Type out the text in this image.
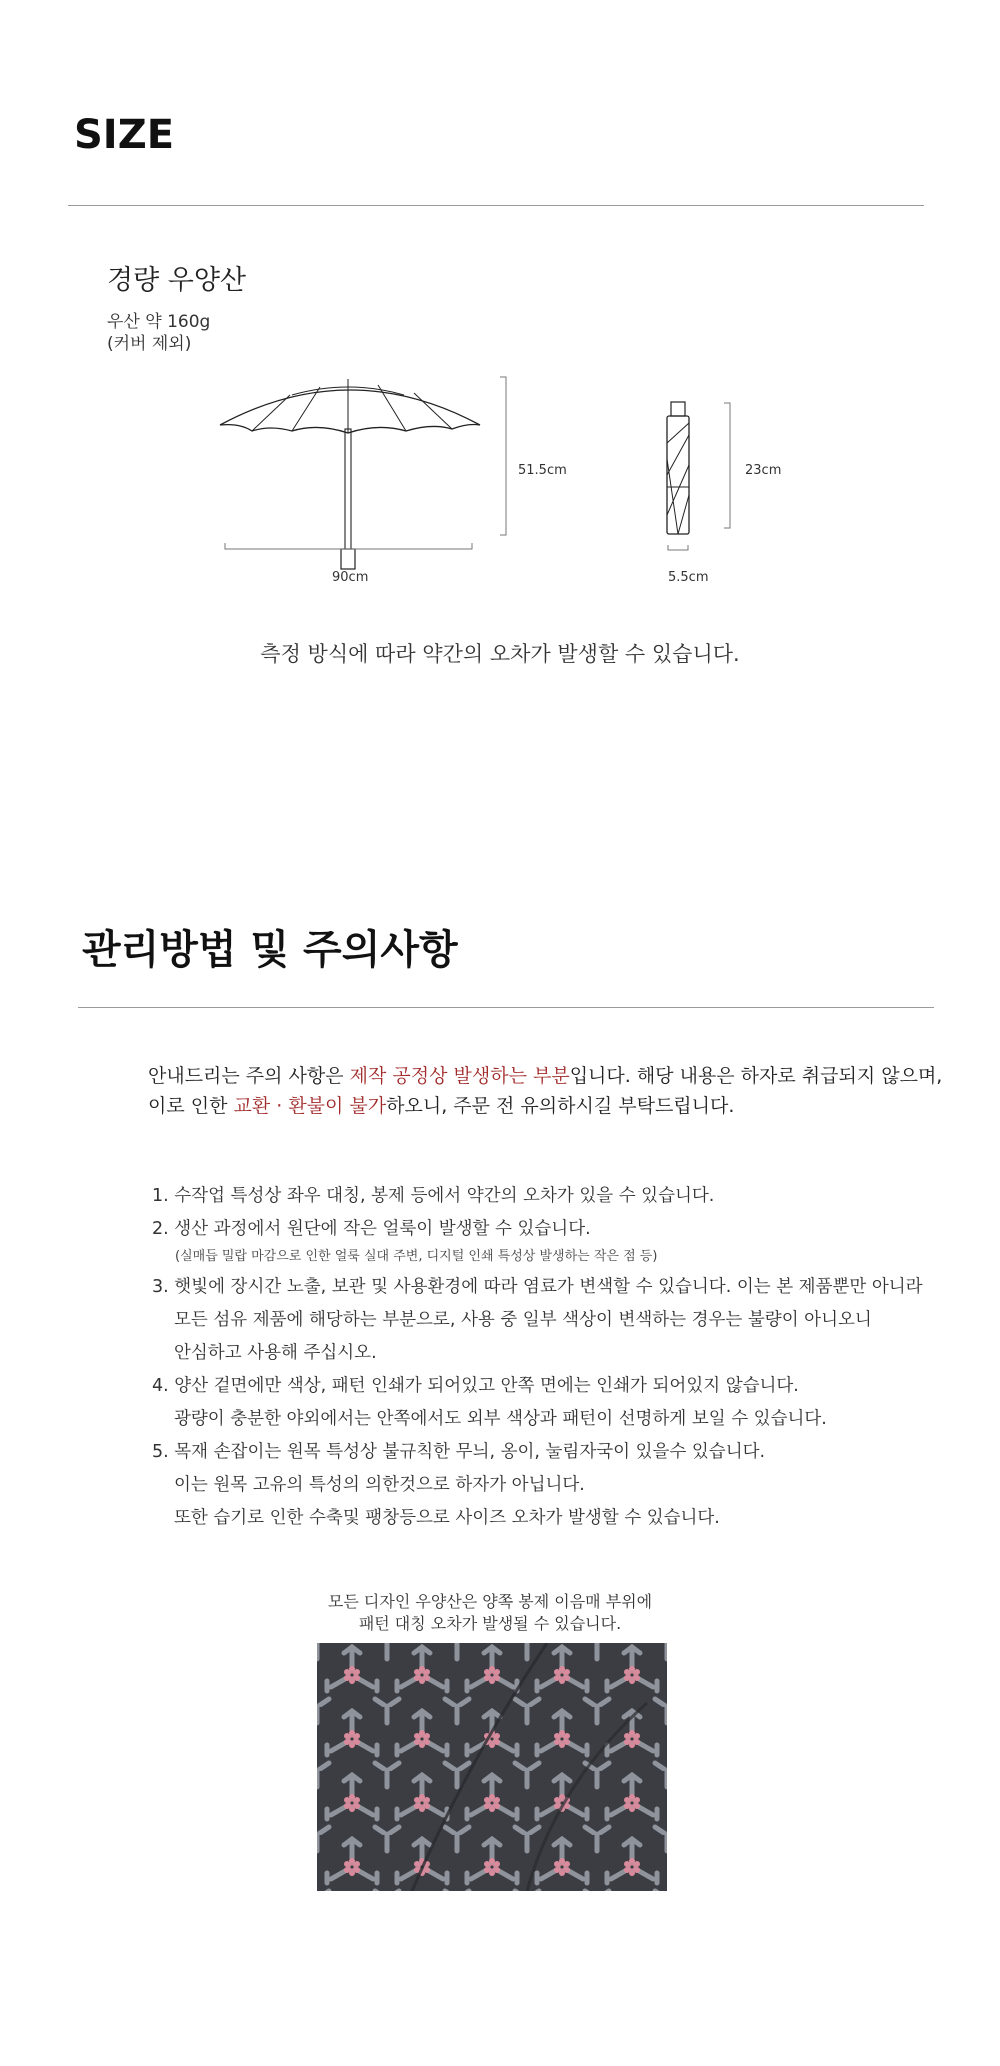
SIZE
경량 우양산
우산 약 160g
(커버 제외)
51.5cm
90cm
23cm
5.5cm
측정 방식에 따라 약간의 오차가 발생할 수 있습니다.
관리방법 및 주의사항
안내드리는 주의 사항은 제작 공정상 발생하는 부분입니다. 해당 내용은 하자로 취급되지 않으며,
이로 인한 교환 · 환불이 불가하오니, 주문 전 유의하시길 부탁드립니다.
1. 수작업 특성상 좌우 대칭, 봉제 등에서 약간의 오차가 있을 수 있습니다.
2. 생산 과정에서 원단에 작은 얼룩이 발생할 수 있습니다.
(실매듭 밀랍 마감으로 인한 얼룩 실대 주변, 디지털 인쇄 특성상 발생하는 작은 점 등)
3. 햇빛에 장시간 노출, 보관 및 사용환경에 따라 염료가 변색할 수 있습니다. 이는 본 제품뿐만 아니라
모든 섬유 제품에 해당하는 부분으로, 사용 중 일부 색상이 변색하는 경우는 불량이 아니오니
안심하고 사용해 주십시오.
4. 양산 겉면에만 색상, 패턴 인쇄가 되어있고 안쪽 면에는 인쇄가 되어있지 않습니다.
광량이 충분한 야외에서는 안쪽에서도 외부 색상과 패턴이 선명하게 보일 수 있습니다.
5. 목재 손잡이는 원목 특성상 불규칙한 무늬, 옹이, 눌림자국이 있을수 있습니다.
이는 원목 고유의 특성의 의한것으로 하자가 아닙니다.
또한 습기로 인한 수축및 팽창등으로 사이즈 오차가 발생할 수 있습니다.
모든 디자인 우양산은 양쪽 봉제 이음매 부위에
패턴 대칭 오차가 발생될 수 있습니다.
